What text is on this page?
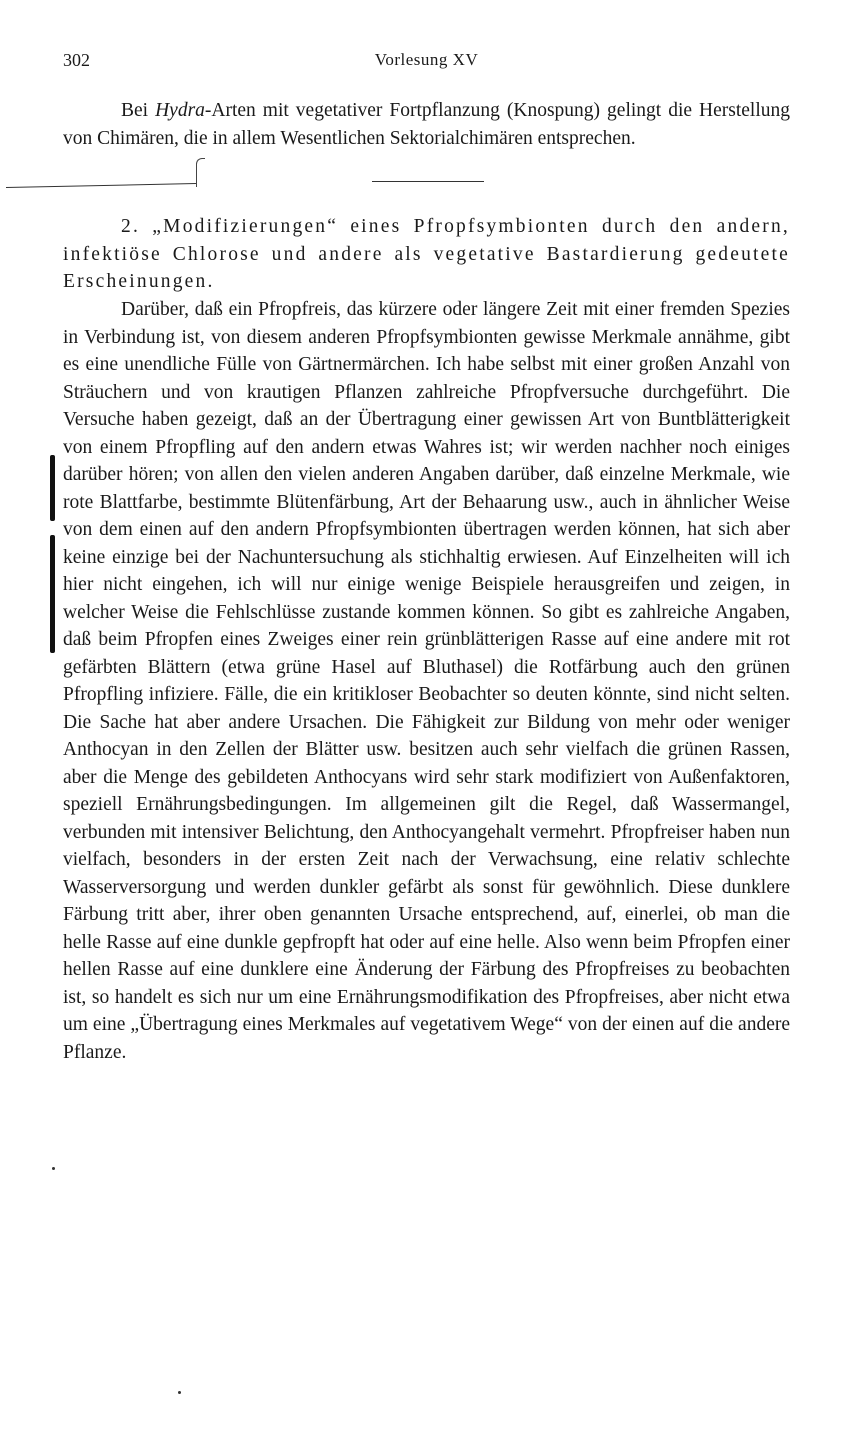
302	Vorlesung XV

Bei Hydra-Arten mit vegetativer Fortpflanzung (Knospung) gelingt die Herstellung von Chimären, die in allem Wesentlichen Sektorialchimären entsprechen.

2. „Modifizierungen“ eines Pfropfsymbionten durch den andern, infektiöse Chlorose und andere als vegetative Bastardierung gedeutete Erscheinungen.

Darüber, daß ein Pfropfreis, das kürzere oder längere Zeit mit einer fremden Spezies in Verbindung ist, von diesem anderen Pfropfsymbionten gewisse Merkmale annähme, gibt es eine unendliche Fülle von Gärtnermärchen. Ich habe selbst mit einer großen Anzahl von Sträuchern und von krautigen Pflanzen zahlreiche Pfropfversuche durchgeführt. Die Versuche haben gezeigt, daß an der Übertragung einer gewissen Art von Buntblätterigkeit von einem Pfropfling auf den andern etwas Wahres ist; wir werden nachher noch einiges darüber hören; von allen den vielen anderen Angaben darüber, daß einzelne Merkmale, wie rote Blattfarbe, bestimmte Blütenfärbung, Art der Behaarung usw., auch in ähnlicher Weise von dem einen auf den andern Pfropfsymbionten übertragen werden können, hat sich aber keine einzige bei der Nachuntersuchung als stichhaltig erwiesen. Auf Einzelheiten will ich hier nicht eingehen, ich will nur einige wenige Beispiele herausgreifen und zeigen, in welcher Weise die Fehlschlüsse zustande kommen können. So gibt es zahlreiche Angaben, daß beim Pfropfen eines Zweiges einer rein grünblätterigen Rasse auf eine andere mit rot gefärbten Blättern (etwa grüne Hasel auf Bluthasel) die Rotfärbung auch den grünen Pfropfling infiziere. Fälle, die ein kritikloser Beobachter so deuten könnte, sind nicht selten. Die Sache hat aber andere Ursachen. Die Fähigkeit zur Bildung von mehr oder weniger Anthocyan in den Zellen der Blätter usw. besitzen auch sehr vielfach die grünen Rassen, aber die Menge des gebildeten Anthocyans wird sehr stark modifiziert von Außenfaktoren, speziell Ernährungsbedingungen. Im allgemeinen gilt die Regel, daß Wassermangel, verbunden mit intensiver Belichtung, den Anthocyangehalt vermehrt. Pfropfreiser haben nun vielfach, besonders in der ersten Zeit nach der Verwachsung, eine relativ schlechte Wasserversorgung und werden dunkler gefärbt als sonst für gewöhnlich. Diese dunklere Färbung tritt aber, ihrer oben genannten Ursache entsprechend, auf, einerlei, ob man die helle Rasse auf eine dunkle gepfropft hat oder auf eine helle. Also wenn beim Pfropfen einer hellen Rasse auf eine dunklere eine Änderung der Färbung des Pfropfreises zu beobachten ist, so handelt es sich nur um eine Ernährungsmodifikation des Pfropfreises, aber nicht etwa um eine „Übertragung eines Merkmales auf vegetativem Wege“ von der einen auf die andere Pflanze.
